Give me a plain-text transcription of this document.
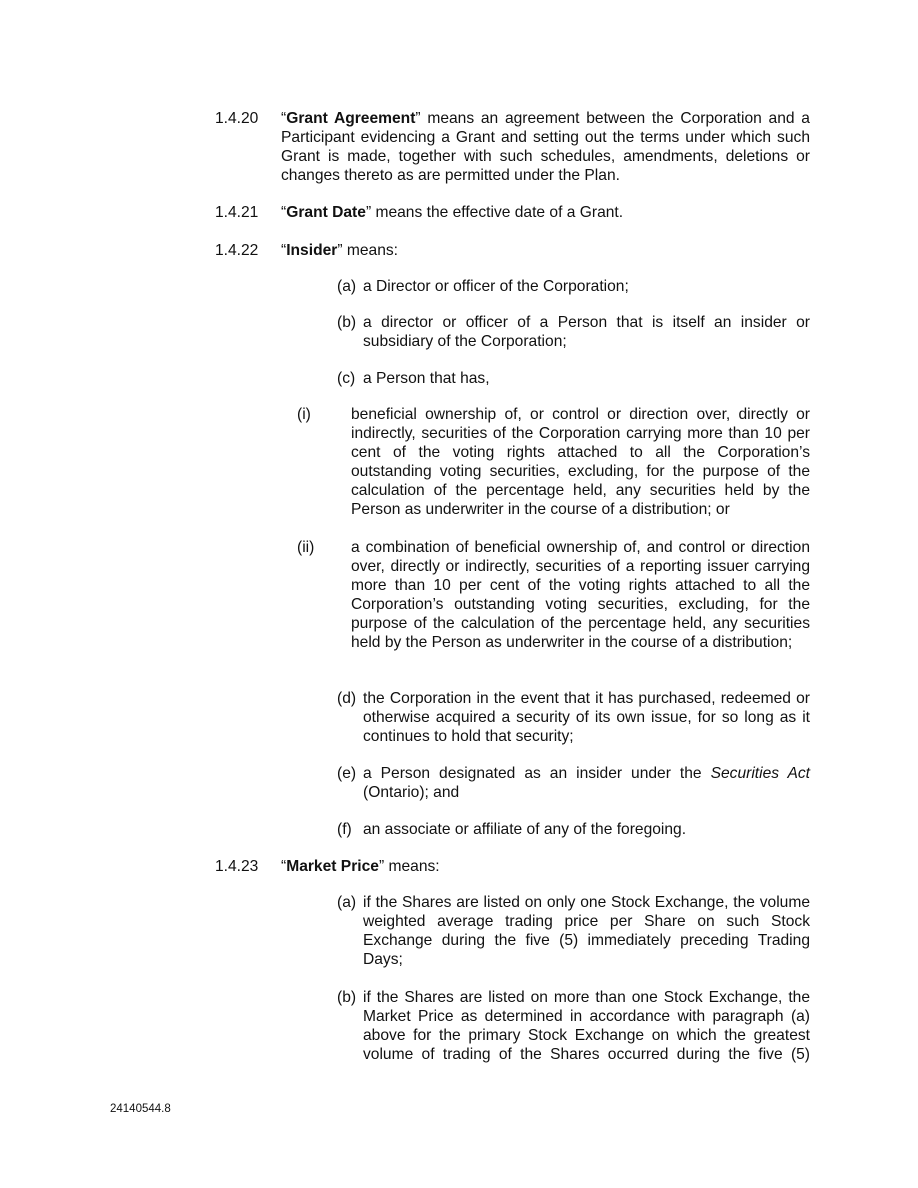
1.4.20 “Grant Agreement” means an agreement between the Corporation and a Participant evidencing a Grant and setting out the terms under which such Grant is made, together with such schedules, amendments, deletions or changes thereto as are permitted under the Plan.
1.4.21 “Grant Date” means the effective date of a Grant.
1.4.22 “Insider” means:
(a) a Director or officer of the Corporation;
(b) a director or officer of a Person that is itself an insider or subsidiary of the Corporation;
(c) a Person that has,
(i)	beneficial ownership of, or control or direction over, directly or indirectly, securities of the Corporation carrying more than 10 per cent of the voting rights attached to all the Corporation’s outstanding voting securities, excluding, for the purpose of the calculation of the percentage held, any securities held by the Person as underwriter in the course of a distribution; or
(ii) a combination of beneficial ownership of, and control or direction over, directly or indirectly, securities of a reporting issuer carrying more than 10 per cent of the voting rights attached to all the Corporation’s outstanding voting securities, excluding, for the purpose of the calculation of the percentage held, any securities held by the Person as underwriter in the course of a distribution;
(d) the Corporation in the event that it has purchased, redeemed or otherwise acquired a security of its own issue, for so long as it continues to hold that security;
(e) a Person designated as an insider under the Securities Act (Ontario); and
(f) an associate or affiliate of any of the foregoing.
1.4.23 “Market Price” means:
(a) if the Shares are listed on only one Stock Exchange, the volume weighted average trading price per Share on such Stock Exchange during the five (5) immediately preceding Trading Days;
(b) if the Shares are listed on more than one Stock Exchange, the Market Price as determined in accordance with paragraph (a) above for the primary Stock Exchange on which the greatest volume of trading of the Shares occurred during the five (5)
24140544.8
